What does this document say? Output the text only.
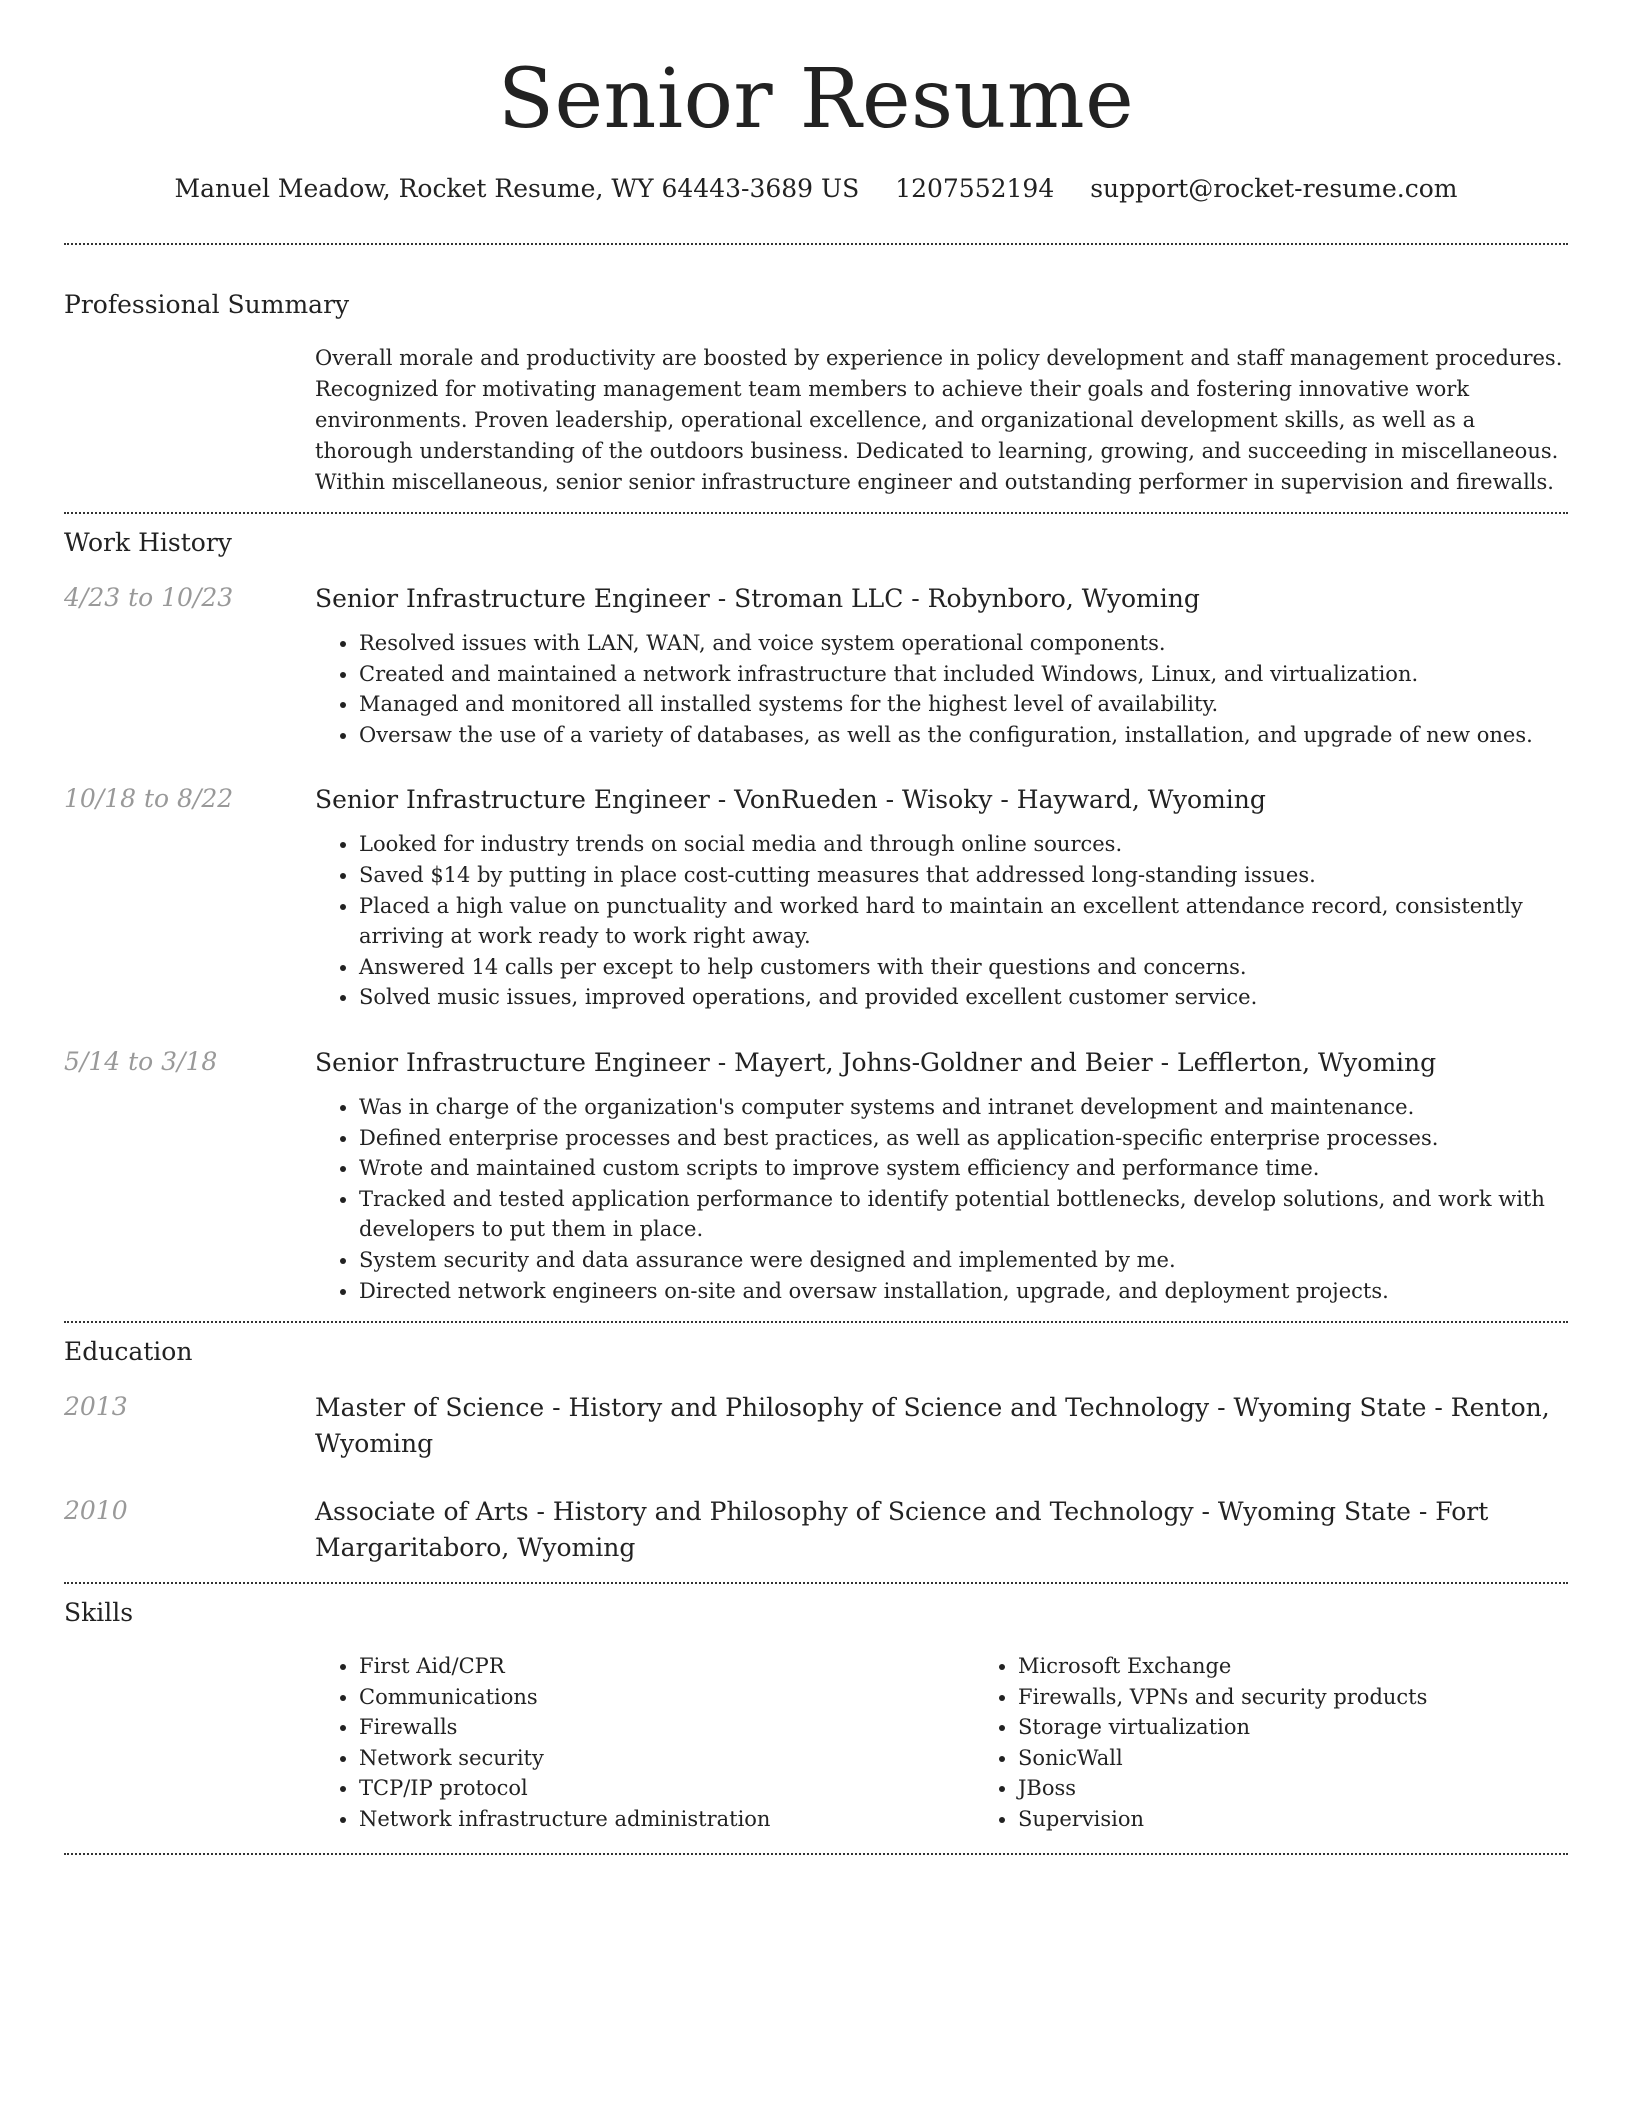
Senior Resume
Manuel Meadow, Rocket Resume, WY 64443-3689 US 1207552194 support@rocket-resume.com
Professional Summary
Overall morale and productivity are boosted by experience in policy development and staff management procedures. Recognized for motivating management team members to achieve their goals and fostering innovative work environments. Proven leadership, operational excellence, and organizational development skills, as well as a thorough understanding of the outdoors business. Dedicated to learning, growing, and succeeding in miscellaneous. Within miscellaneous, senior senior infrastructure engineer and outstanding performer in supervision and firewalls.
Work History
4/23 to 10/23	Senior Infrastructure Engineer - Stroman LLC - Robynboro, Wyoming
• Resolved issues with LAN, WAN, and voice system operational components.
• Created and maintained a network infrastructure that included Windows, Linux, and virtualization.
• Managed and monitored all installed systems for the highest level of availability.
• Oversaw the use of a variety of databases, as well as the configuration, installation, and upgrade of new ones.
10/18 to 8/22	Senior Infrastructure Engineer - VonRueden - Wisoky - Hayward, Wyoming
• Looked for industry trends on social media and through online sources.
• Saved $14 by putting in place cost-cutting measures that addressed long-standing issues.
• Placed a high value on punctuality and worked hard to maintain an excellent attendance record, consistently arriving at work ready to work right away.
• Answered 14 calls per except to help customers with their questions and concerns.
• Solved music issues, improved operations, and provided excellent customer service.
5/14 to 3/18	Senior Infrastructure Engineer - Mayert, Johns-Goldner and Beier - Lefflerton, Wyoming
• Was in charge of the organization's computer systems and intranet development and maintenance.
• Defined enterprise processes and best practices, as well as application-specific enterprise processes.
• Wrote and maintained custom scripts to improve system efficiency and performance time.
• Tracked and tested application performance to identify potential bottlenecks, develop solutions, and work with developers to put them in place.
• System security and data assurance were designed and implemented by me.
• Directed network engineers on-site and oversaw installation, upgrade, and deployment projects.
Education
2013	Master of Science - History and Philosophy of Science and Technology - Wyoming State - Renton, Wyoming
2010	Associate of Arts - History and Philosophy of Science and Technology - Wyoming State - Fort Margaritaboro, Wyoming
Skills
• First Aid/CPR
• Communications
• Firewalls
• Network security
• TCP/IP protocol
• Network infrastructure administration
• Microsoft Exchange
• Firewalls, VPNs and security products
• Storage virtualization
• SonicWall
• JBoss
• Supervision
